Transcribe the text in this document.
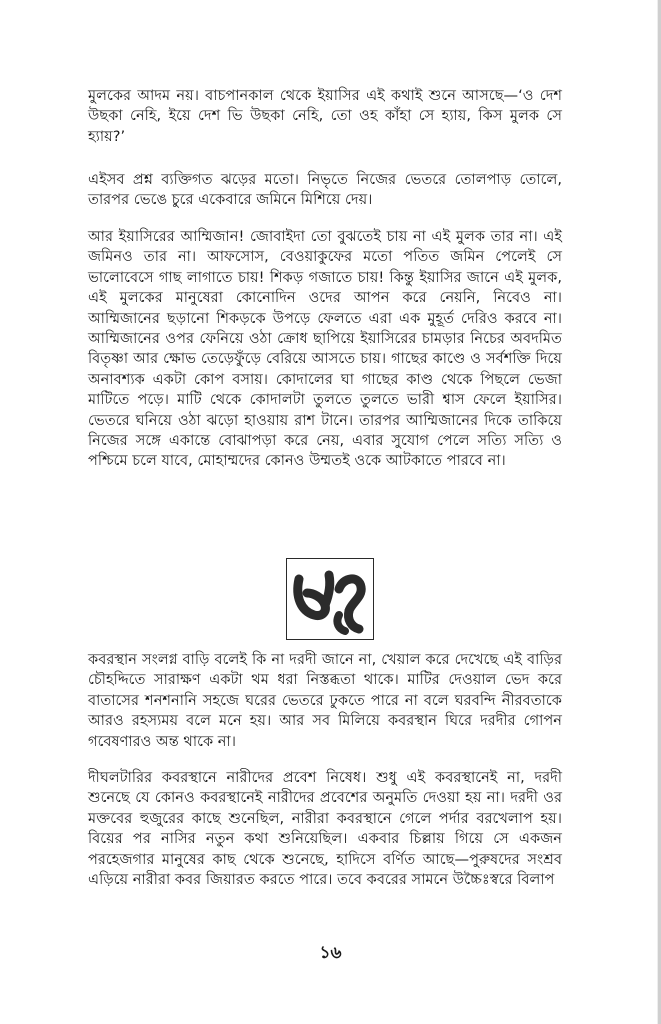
মুলকের আদম নয়। বাচপানকাল থেকে ইয়াসির এই কথাই শুনে আসছে—‘ও দেশ উছকা নেহি, ইয়ে দেশ ভি উছকা নেহি, তো ওহ কাঁহা সে হ্যায়, কিস মুলক সে হ্যায়?’

এইসব প্রশ্ন ব্যক্তিগত ঝড়ের মতো। নিভৃতে নিজের ভেতরে তোলপাড় তোলে, তারপর ভেঙে চুরে একেবারে জমিনে মিশিয়ে দেয়।

আর ইয়াসিরের আম্মিজান! জোবাইদা তো বুঝতেই চায় না এই মুলক তার না। এই জমিনও তার না। আফসোস, বেওয়াকুফের মতো পতিত জমিন পেলেই সে ভালোবেসে গাছ লাগাতে চায়! শিকড় গজাতে চায়! কিন্তু ইয়াসির জানে এই মুলক, এই মুলকের মানুষেরা কোনোদিন ওদের আপন করে নেয়নি, নিবেও না। আম্মিজানের ছড়ানো শিকড়কে উপড়ে ফেলতে এরা এক মুহূর্ত দেরিও করবে না। আম্মিজানের ওপর ফেনিয়ে ওঠা ক্রোধ ছাপিয়ে ইয়াসিরের চামড়ার নিচের অবদমিত বিতৃষ্ণা আর ক্ষোভ তেড়েফুঁড়ে বেরিয়ে আসতে চায়। গাছের কাণ্ডে ও সর্বশক্তি দিয়ে অনাবশ্যক একটা কোপ বসায়। কোদালের ঘা গাছের কাণ্ড থেকে পিছলে ভেজা মাটিতে পড়ে। মাটি থেকে কোদালটা তুলতে তুলতে ভারী শ্বাস ফেলে ইয়াসির। ভেতরে ঘনিয়ে ওঠা ঝড়ো হাওয়ায় রাশ টানে। তারপর আম্মিজানের দিকে তাকিয়ে নিজের সঙ্গে একান্তে বোঝাপড়া করে নেয়, এবার সুযোগ পেলে সত্যি সত্যি ও পশ্চিমে চলে যাবে, মোহাম্মদের কোনও উম্মতই ওকে আটকাতে পারবে না।

কবরস্থান সংলগ্ন বাড়ি বলেই কি না দরদী জানে না, খেয়াল করে দেখেছে এই বাড়ির চৌহদ্দিতে সারাক্ষণ একটা থম ধরা নিস্তব্ধতা থাকে। মাটির দেওয়াল ভেদ করে বাতাসের শনশনানি সহজে ঘরের ভেতরে ঢুকতে পারে না বলে ঘরবন্দি নীরবতাকে আরও রহস্যময় বলে মনে হয়। আর সব মিলিয়ে কবরস্থান ঘিরে দরদীর গোপন গবেষণারও অন্ত থাকে না।

দীঘলটারির কবরস্থানে নারীদের প্রবেশ নিষেধ। শুধু এই কবরস্থানেই না, দরদী শুনেছে যে কোনও কবরস্থানেই নারীদের প্রবেশের অনুমতি দেওয়া হয় না। দরদী ওর মক্তবের হুজুরের কাছে শুনেছিল, নারীরা কবরস্থানে গেলে পর্দার বরখেলাপ হয়। বিয়ের পর নাসির নতুন কথা শুনিয়েছিল। একবার চিল্লায় গিয়ে সে একজন পরহেজগার মানুষের কাছ থেকে শুনেছে, হাদিসে বর্ণিত আছে—পুরুষদের সংশ্রব এড়িয়ে নারীরা কবর জিয়ারত করতে পারে। তবে কবরের সামনে উচ্চৈঃস্বরে বিলাপ

১৬
